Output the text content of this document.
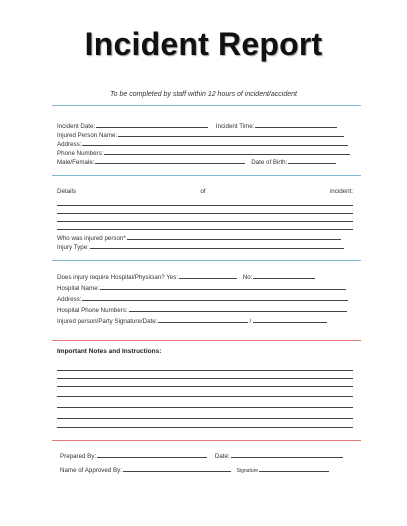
Incident Report
To be completed by staff within 12 hours of incident/accident
Incident Date:	Incident Time:
Injured Person Name:
Address:
Phone Numbers:
Male/Female:	Date of Birth:
Details	of	incident:
Who was injured person*
Injury Type:
Does injury require Hospital/Physician? Yes:	No:
Hospital Name:
Address:
Hospital Phone Numbers:
Injured person/Party Signature/Date:	/
Important Notes and Instructions:
Prepared By:	Date:
Name of Approved By:	Signature
